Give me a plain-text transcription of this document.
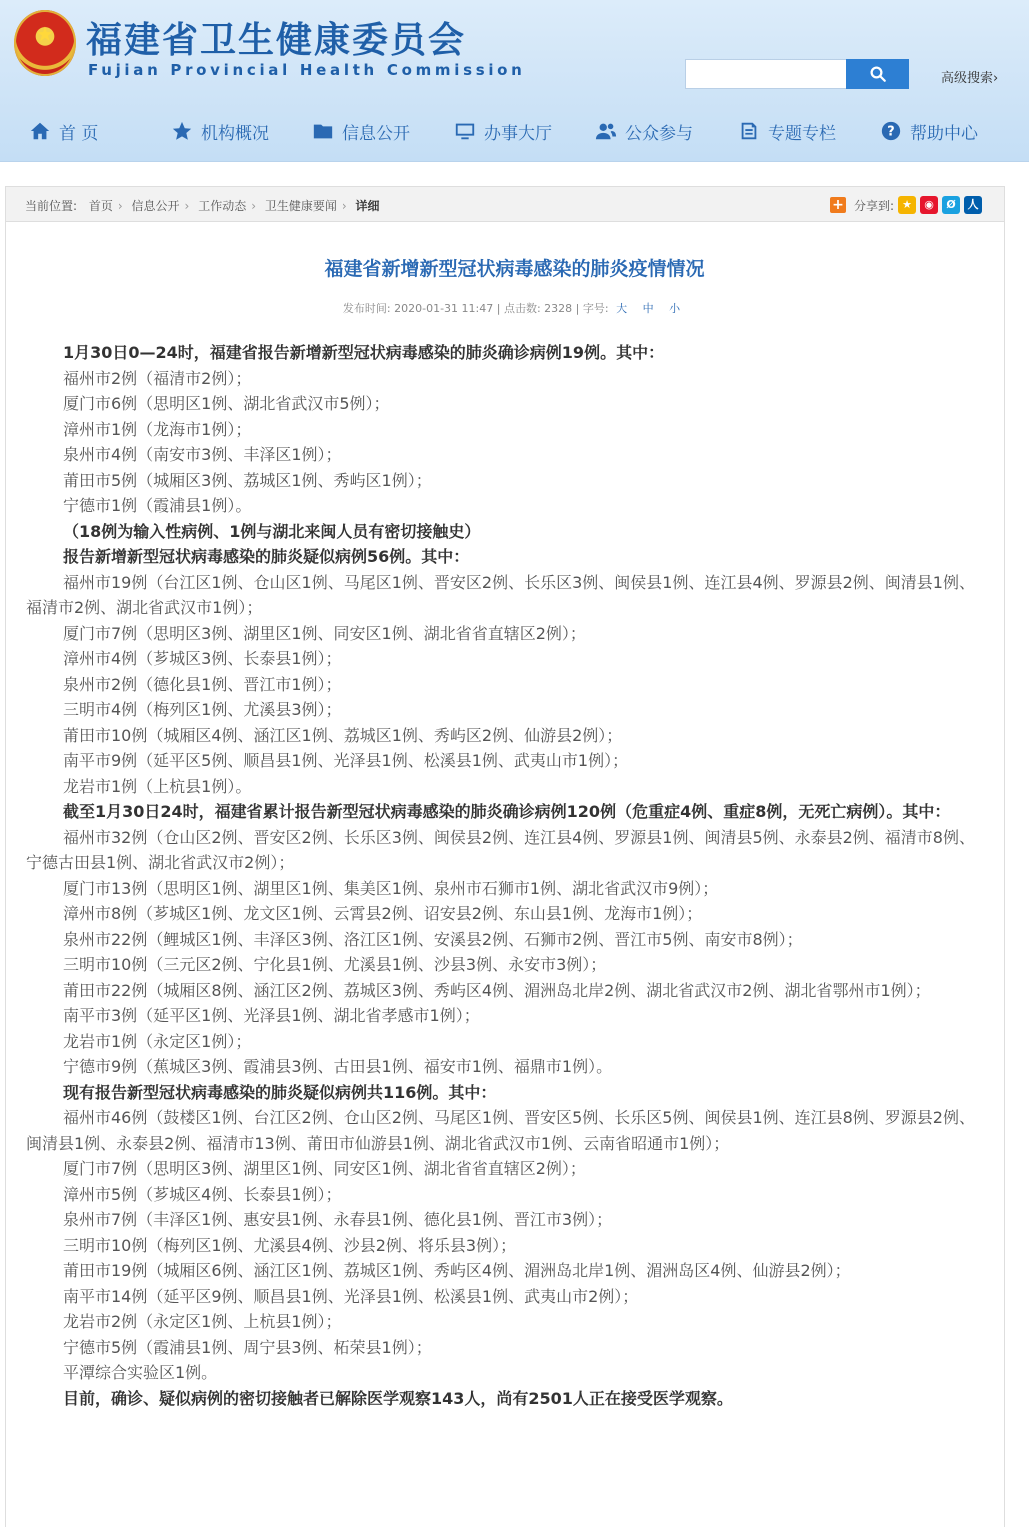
★ 福建省卫生健康委员会
Fujian Provincial Health Commission	高级搜索›
首 页	机构概况	信息公开	办事大厅	公众参与	专题专栏	? 帮助中心
当前位置: 首页 › 信息公开 › 工作动态 › 卫生健康要闻 › 详细	+ 分享到: ★	◉	Ø	人
福建省新增新型冠状病毒感染的肺炎疫情情况
发布时间: 2020-01-31 11:47 | 点击数: 2328 | 字号: 大 中 小

1月30日0—24时，福建省报告新增新型冠状病毒感染的肺炎确诊病例19例。其中：

福州市2例（福清市2例）；

厦门市6例（思明区1例、湖北省武汉市5例）；

漳州市1例（龙海市1例）；

泉州市4例（南安市3例、丰泽区1例）；

莆田市5例（城厢区3例、荔城区1例、秀屿区1例）；

宁德市1例（霞浦县1例）。

（18例为输入性病例、1例与湖北来闽人员有密切接触史）

报告新增新型冠状病毒感染的肺炎疑似病例56例。其中：

福州市19例（台江区1例、仓山区1例、马尾区1例、晋安区2例、长乐区3例、闽侯县1例、连江县4例、罗源县2例、闽清县1例、福清市2例、湖北省武汉市1例）；

厦门市7例（思明区3例、湖里区1例、同安区1例、湖北省省直辖区2例）；

漳州市4例（芗城区3例、长泰县1例）；

泉州市2例（德化县1例、晋江市1例）；

三明市4例（梅列区1例、尤溪县3例）；

莆田市10例（城厢区4例、涵江区1例、荔城区1例、秀屿区2例、仙游县2例）；

南平市9例（延平区5例、顺昌县1例、光泽县1例、松溪县1例、武夷山市1例）；

龙岩市1例（上杭县1例）。

截至1月30日24时，福建省累计报告新型冠状病毒感染的肺炎确诊病例120例（危重症4例、重症8例，无死亡病例）。其中：

福州市32例（仓山区2例、晋安区2例、长乐区3例、闽侯县2例、连江县4例、罗源县1例、闽清县5例、永泰县2例、福清市8例、宁德古田县1例、湖北省武汉市2例）；

厦门市13例（思明区1例、湖里区1例、集美区1例、泉州市石狮市1例、湖北省武汉市9例）；

漳州市8例（芗城区1例、龙文区1例、云霄县2例、诏安县2例、东山县1例、龙海市1例）；

泉州市22例（鲤城区1例、丰泽区3例、洛江区1例、安溪县2例、石狮市2例、晋江市5例、南安市8例）；

三明市10例（三元区2例、宁化县1例、尤溪县1例、沙县3例、永安市3例）；

莆田市22例（城厢区8例、涵江区2例、荔城区3例、秀屿区4例、湄洲岛北岸2例、湖北省武汉市2例、湖北省鄂州市1例）；

南平市3例（延平区1例、光泽县1例、湖北省孝感市1例）；

龙岩市1例（永定区1例）；

宁德市9例（蕉城区3例、霞浦县3例、古田县1例、福安市1例、福鼎市1例）。

现有报告新型冠状病毒感染的肺炎疑似病例共116例。其中：

福州市46例（鼓楼区1例、台江区2例、仓山区2例、马尾区1例、晋安区5例、长乐区5例、闽侯县1例、连江县8例、罗源县2例、闽清县1例、永泰县2例、福清市13例、莆田市仙游县1例、湖北省武汉市1例、云南省昭通市1例）；

厦门市7例（思明区3例、湖里区1例、同安区1例、湖北省省直辖区2例）；

漳州市5例（芗城区4例、长泰县1例）；

泉州市7例（丰泽区1例、惠安县1例、永春县1例、德化县1例、晋江市3例）；

三明市10例（梅列区1例、尤溪县4例、沙县2例、将乐县3例）；

莆田市19例（城厢区6例、涵江区1例、荔城区1例、秀屿区4例、湄洲岛北岸1例、湄洲岛区4例、仙游县2例）；

南平市14例（延平区9例、顺昌县1例、光泽县1例、松溪县1例、武夷山市2例）；

龙岩市2例（永定区1例、上杭县1例）；

宁德市5例（霞浦县1例、周宁县3例、柘荣县1例）；

平潭综合实验区1例。

目前，确诊、疑似病例的密切接触者已解除医学观察143人，尚有2501人正在接受医学观察。
